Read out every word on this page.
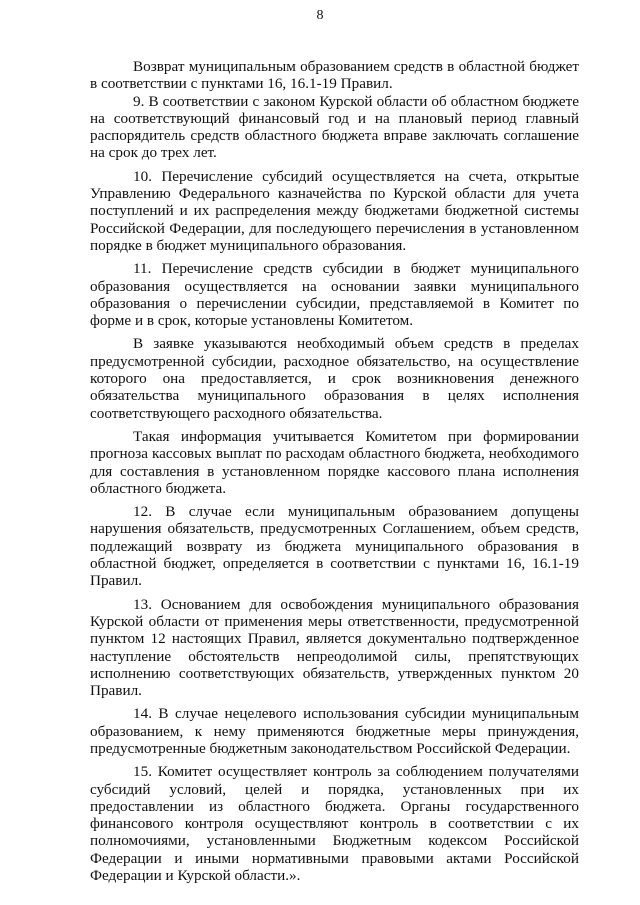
8

Возврат муниципальным образованием средств в областной бюджет в соответствии с пунктами 16, 16.1-19 Правил.

9. В соответствии с законом Курской области об областном бюджете на соответствующий финансовый год и на плановый период главный распорядитель средств областного бюджета вправе заключать соглашение на срок до трех лет.

10. Перечисление субсидий осуществляется на счета, открытые Управлению Федерального казначейства по Курской области для учета поступлений и их распределения между бюджетами бюджетной системы Российской Федерации, для последующего перечисления в установленном порядке в бюджет муниципального образования.

11. Перечисление средств субсидии в бюджет муниципального образования осуществляется на основании заявки муниципального образования о перечислении субсидии, представляемой в Комитет по форме и в срок, которые установлены Комитетом.

В заявке указываются необходимый объем средств в пределах предусмотренной субсидии, расходное обязательство, на осуществление которого она предоставляется, и срок возникновения денежного обязательства муниципального образования в целях исполнения соответствующего расходного обязательства.

Такая информация учитывается Комитетом при формировании прогноза кассовых выплат по расходам областного бюджета, необходимого для составления в установленном порядке кассового плана исполнения областного бюджета.

12. В случае если муниципальным образованием допущены нарушения обязательств, предусмотренных Соглашением, объем средств, подлежащий возврату из бюджета муниципального образования в областной бюджет, определяется в соответствии с пунктами 16, 16.1-19 Правил.

13. Основанием для освобождения муниципального образования Курской области от применения меры ответственности, предусмотренной пунктом 12 настоящих Правил, является документально подтвержденное наступление обстоятельств непреодолимой силы, препятствующих исполнению соответствующих обязательств, утвержденных пунктом 20 Правил.

14. В случае нецелевого использования субсидии муниципальным образованием, к нему применяются бюджетные меры принуждения, предусмотренные бюджетным законодательством Российской Федерации.

15. Комитет осуществляет контроль за соблюдением получателями субсидий условий, целей и порядка, установленных при их предоставлении из областного бюджета. Органы государственного финансового контроля осуществляют контроль в соответствии с их полномочиями, установленными Бюджетным кодексом Российской Федерации и иными нормативными правовыми актами Российской Федерации и Курской области.».
